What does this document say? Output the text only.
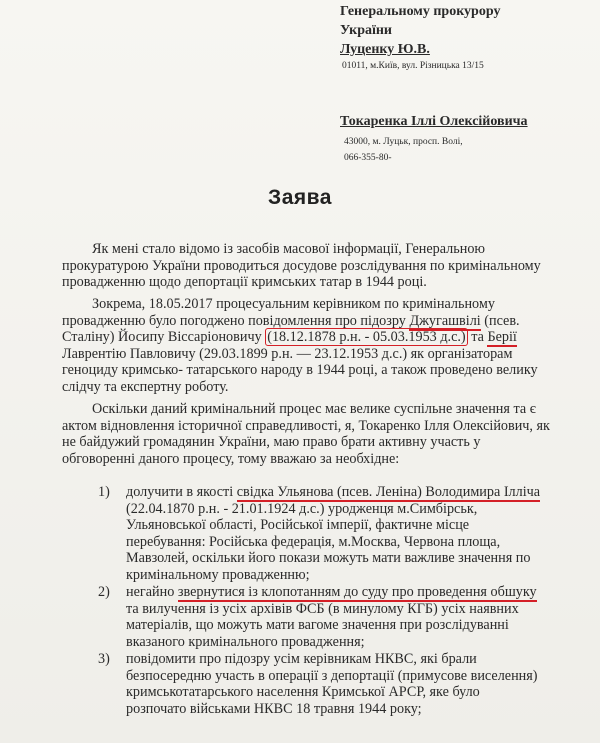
Генеральному прокурору
України
Луценку Ю.В.
01011, м.Київ, вул. Різницька 13/15
Токаренка Іллі Олексійовича
43000, м. Луцьк, просп. Волі,
066-355-80-
Заява
Як мені стало відомо із засобів масової інформації, Генеральною
прокуратурою України проводиться досудове розслідування по кримінальному
провадженню щодо депортації кримських татар в 1944 році.
Зокрема, 18.05.2017 процесуальним керівником по кримінальному
провадженню було погоджено повідомлення про підозру Джугашвілі (псев.
Сталіну) Йосипу Віссаріоновичу (18.12.1878 р.н. - 05.03.1953 д.с.) та Берії
Лаврентію Павловичу (29.03.1899 р.н. — 23.12.1953 д.с.) як організаторам
геноциду кримсько- татарського народу в 1944 році, а також проведено велику
слідчу та експертну роботу.
Оскільки даний кримінальний процес має велике суспільне значення та є
актом відновлення історичної справедливості, я, Токаренко Ілля Олексійович, як
не байдужий громадянин України, маю право брати активну участь у
обговоренні даного процесу, тому вважаю за необхідне:
1)	долучити в якості свідка Ульянова (псев. Леніна) Володимира Ілліча
(22.04.1870 р.н. - 21.01.1924 д.с.) уродженця м.Симбірськ,
Ульяновської області, Російської імперії, фактичне місце
перебування: Російська федерація, м.Москва, Червона площа,
Мавзолей, оскільки його покази можуть мати важливе значення по
кримінальному провадженню;
2)	негайно звернутися із клопотанням до суду про проведення обшуку
та вилучення із усіх архівів ФСБ (в минулому КГБ) усіх наявних
матеріалів, що можуть мати вагоме значення при розслідуванні
вказаного кримінального провадження;
3)	повідомити про підозру усім керівникам НКВС, які брали
безпосередню участь в операції з депортації (примусове виселення)
кримськотатарського населення Кримської АРСР, яке було
розпочато військами НКВС 18 травня 1944 року;
